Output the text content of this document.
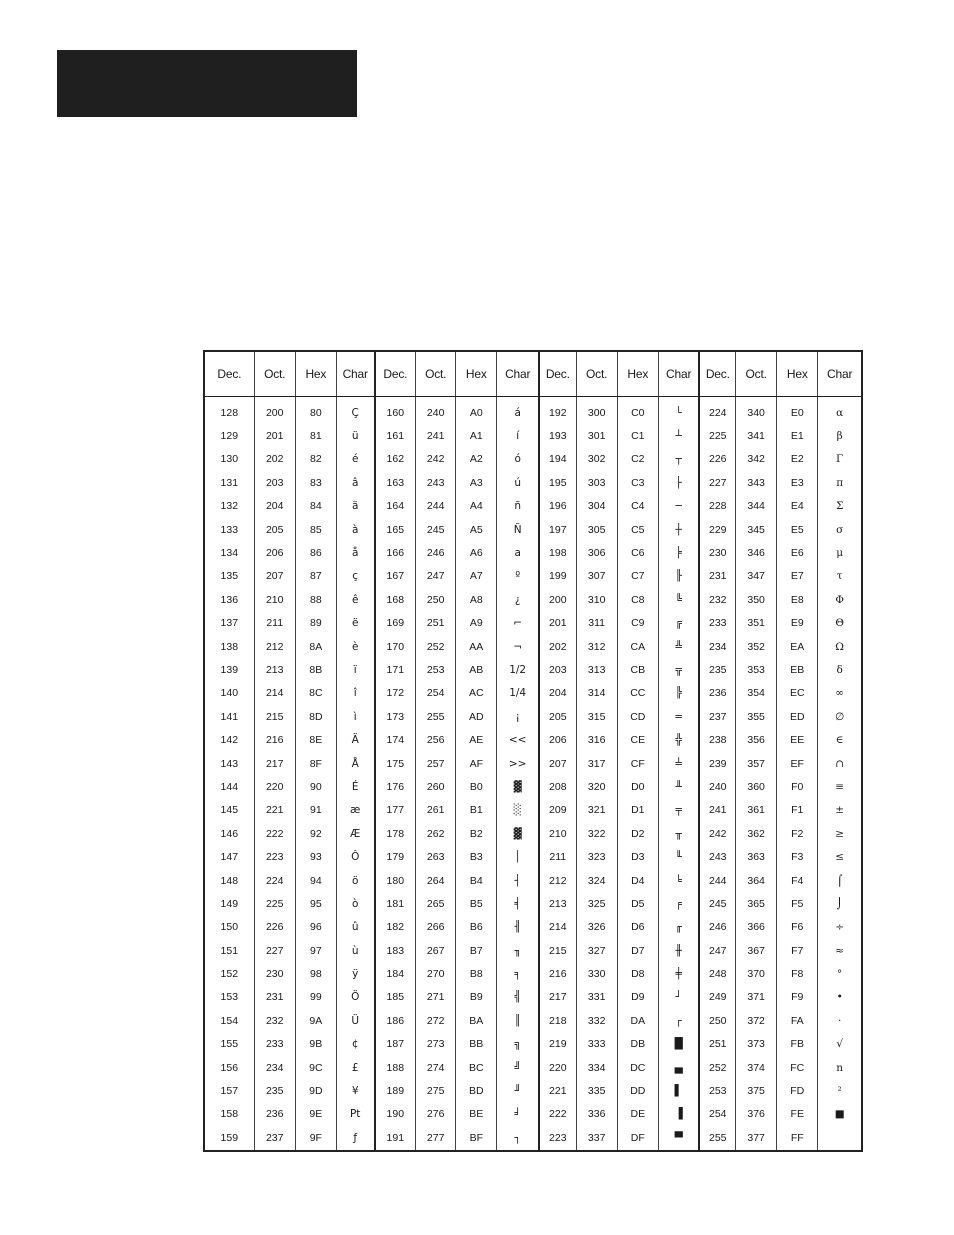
Dec.	Oct.	Hex	Char	Dec.	Oct.	Hex	Char	Dec.	Oct.	Hex	Char	Dec.	Oct.	Hex	Char
128	200	80	Ç	160	240	A0	á	192	300	C0	└	224	340	E0	α
129	201	81	ü	161	241	A1	í	193	301	C1	┴	225	341	E1	β
130	202	82	é	162	242	A2	ó	194	302	C2	┬	226	342	E2	Γ
131	203	83	â	163	243	A3	ú	195	303	C3	├	227	343	E3	π
132	204	84	ä	164	244	A4	ñ	196	304	C4	─	228	344	E4	Σ
133	205	85	à	165	245	A5	Ñ	197	305	C5	┼	229	345	E5	σ
134	206	86	å	166	246	A6	a	198	306	C6	╞	230	346	E6	μ
135	207	87	ç	167	247	A7	º	199	307	C7	╟	231	347	E7	τ
136	210	88	ê	168	250	A8	¿	200	310	C8	╚	232	350	E8	Φ
137	211	89	ë	169	251	A9	⌐	201	311	C9	╔	233	351	E9	Θ
138	212	8A	è	170	252	AA	¬	202	312	CA	╩	234	352	EA	Ω
139	213	8B	ï	171	253	AB	1/2	203	313	CB	╦	235	353	EB	δ
140	214	8C	î	172	254	AC	1/4	204	314	CC	╠	236	354	EC	∞
141	215	8D	ì	173	255	AD	¡	205	315	CD	═	237	355	ED	∅
142	216	8E	Ä	174	256	AE	<<	206	316	CE	╬	238	356	EE	∈
143	217	8F	Å	175	257	AF	>>	207	317	CF	╧	239	357	EF	∩
144	220	90	É	176	260	B0	▓	208	320	D0	╨	240	360	F0	≡
145	221	91	æ	177	261	B1	░	209	321	D1	╤	241	361	F1	±
146	222	92	Æ	178	262	B2	▓	210	322	D2	╥	242	362	F2	≥
147	223	93	Ô	179	263	B3	│	211	323	D3	╙	243	363	F3	≤
148	224	94	ö	180	264	B4	┤	212	324	D4	╘	244	364	F4	⌠
149	225	95	ò	181	265	B5	╡	213	325	D5	╒	245	365	F5	⌡
150	226	96	û	182	266	B6	╢	214	326	D6	╓	246	366	F6	÷
151	227	97	ù	183	267	B7	╖	215	327	D7	╫	247	367	F7	≈
152	230	98	ÿ	184	270	B8	╕	216	330	D8	╪	248	370	F8	°
153	231	99	Ö	185	271	B9	╣	217	331	D9	┘	249	371	F9	•
154	232	9A	Ü	186	272	BA	║	218	332	DA	┌	250	372	FA	·
155	233	9B	¢	187	273	BB	╗	219	333	DB	█	251	373	FB	√
156	234	9C	£	188	274	BC	╝	220	334	DC	▄	252	374	FC	n
157	235	9D	¥	189	275	BD	╜	221	335	DD	▌	253	375	FD	²
158	236	9E	Pt	190	276	BE	╛	222	336	DE	▐	254	376	FE	■
159	237	9F	ƒ	191	277	BF	┐	223	337	DF	▀	255	377	FF	
